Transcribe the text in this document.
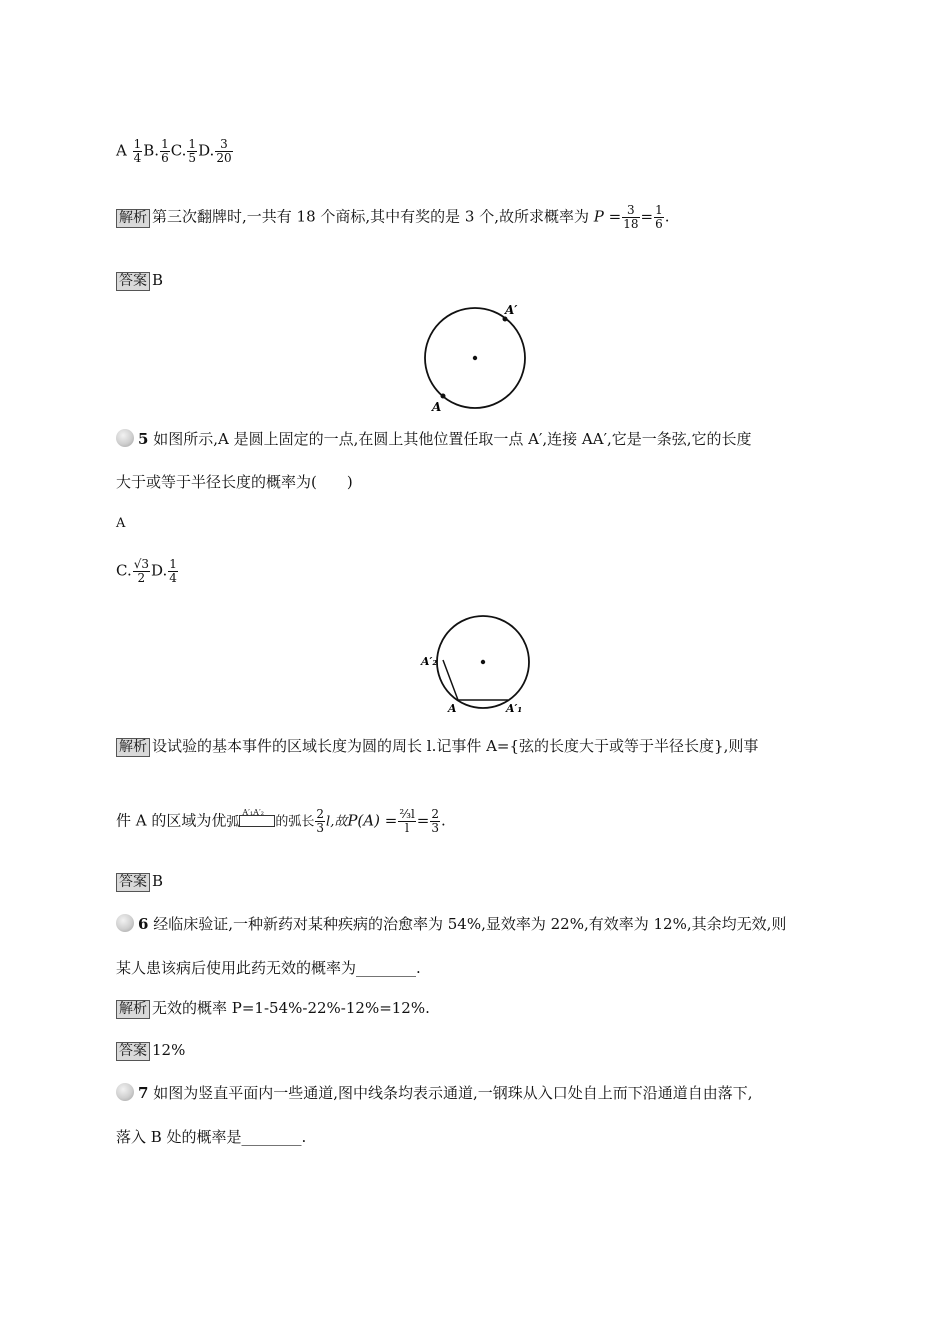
A $\frac{1}{4} B$. $\frac{1}{6} C$. $\frac{1}{5} D$. $\frac{3}{20}$
解析 第三次翻牌时,一共有 18 个商标,其中有奖的是 3 个,故所求概率为 $P = \frac{3}{18} = \frac{1}{6}$ .
答案 B
A
A′
5 如图所示,A 是圆上固定的一点,在圆上其他位置任取一点 A′,连接 AA′,它是一条弦,它的长度
大于或等于半径长度的概率为(　　)
A
C. $\frac{√3}{2} D$. $\frac{1}{4}$
A′₂
A	A′₁
解析 设试验的基本事件的区域长度为圆的周长 l.记事件 A={弦的长度大于或等于半径长度},则事
件 A 的区域为优 A′₁A′₂
弧	的弧长 $\frac{2}{3} l$,故$P(A) = \frac{\text{⅔l}}{l} = \frac{2}{3}$ .
答案 B
6 经临床验证,一种新药对某种疾病的治愈率为 54%,显效率为 22%,有效率为 12%,其余均无效,则
某人患该病后使用此药无效的概率为________.
解析 无效的概率 P=1-54%-22%-12%=12%.
答案 12%
7 如图为竖直平面内一些通道,图中线条均表示通道,一钢珠从入口处自上而下沿通道自由落下,
落入 B 处的概率是________.
